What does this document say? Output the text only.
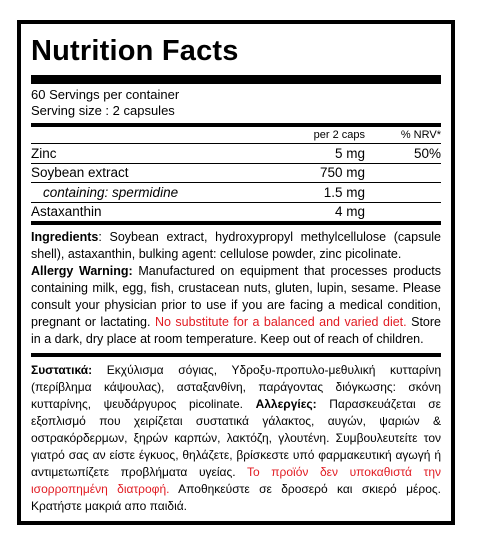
Nutrition Facts
60 Servings per container
Serving size : 2 capsules
	per 2 caps	% NRV*
Zinc	5 mg	50%
Soybean extract	750 mg	
containing: spermidine	1.5 mg	
Astaxanthin	4 mg	
Ingredients: Soybean extract, hydroxypropyl methylcellulose (capsule shell), astaxanthin, bulking agent: cellulose powder, zinc picolinate.
Allergy Warning: Manufactured on equipment that processes products containing milk, egg, fish, crustacean nuts, gluten, lupin, sesame. Please consult your physician prior to use if you are facing a medical condition, pregnant or lactating. No substitute for a balanced and varied diet. Store in a dark, dry place at room temperature. Keep out of reach of children.
Συστατικά: Εκχύλισμα σόγιας, Υδροξυ-προπυλο-μεθυλική κυτταρίνη (περίβλημα κάψουλας), ασταξανθίνη, παράγοντας διόγκωσης: σκόνη κυτταρίνης, ψευδάργυρος picolinate. Αλλεργίες: Παρασκευάζεται σε εξοπλισμό που χειρίζεται συστατικά γάλακτος, αυγών, ψαριών & οστρακόρδερμων, ξηρών καρπών, λακτόζη, γλουτένη. Συμβουλευτείτε τον γιατρό σας αν είστε έγκυος, θηλάζετε, βρίσκεστε υπό φαρμακευτική αγωγή ή αντιμετωπίζετε προβλήματα υγείας. Το προϊόν δεν υποκαθιστά την ισορροπημένη διατροφή. Αποθηκεύστε σε δροσερό και σκιερό μέρος. Κρατήστε μακριά απο παιδιά.
